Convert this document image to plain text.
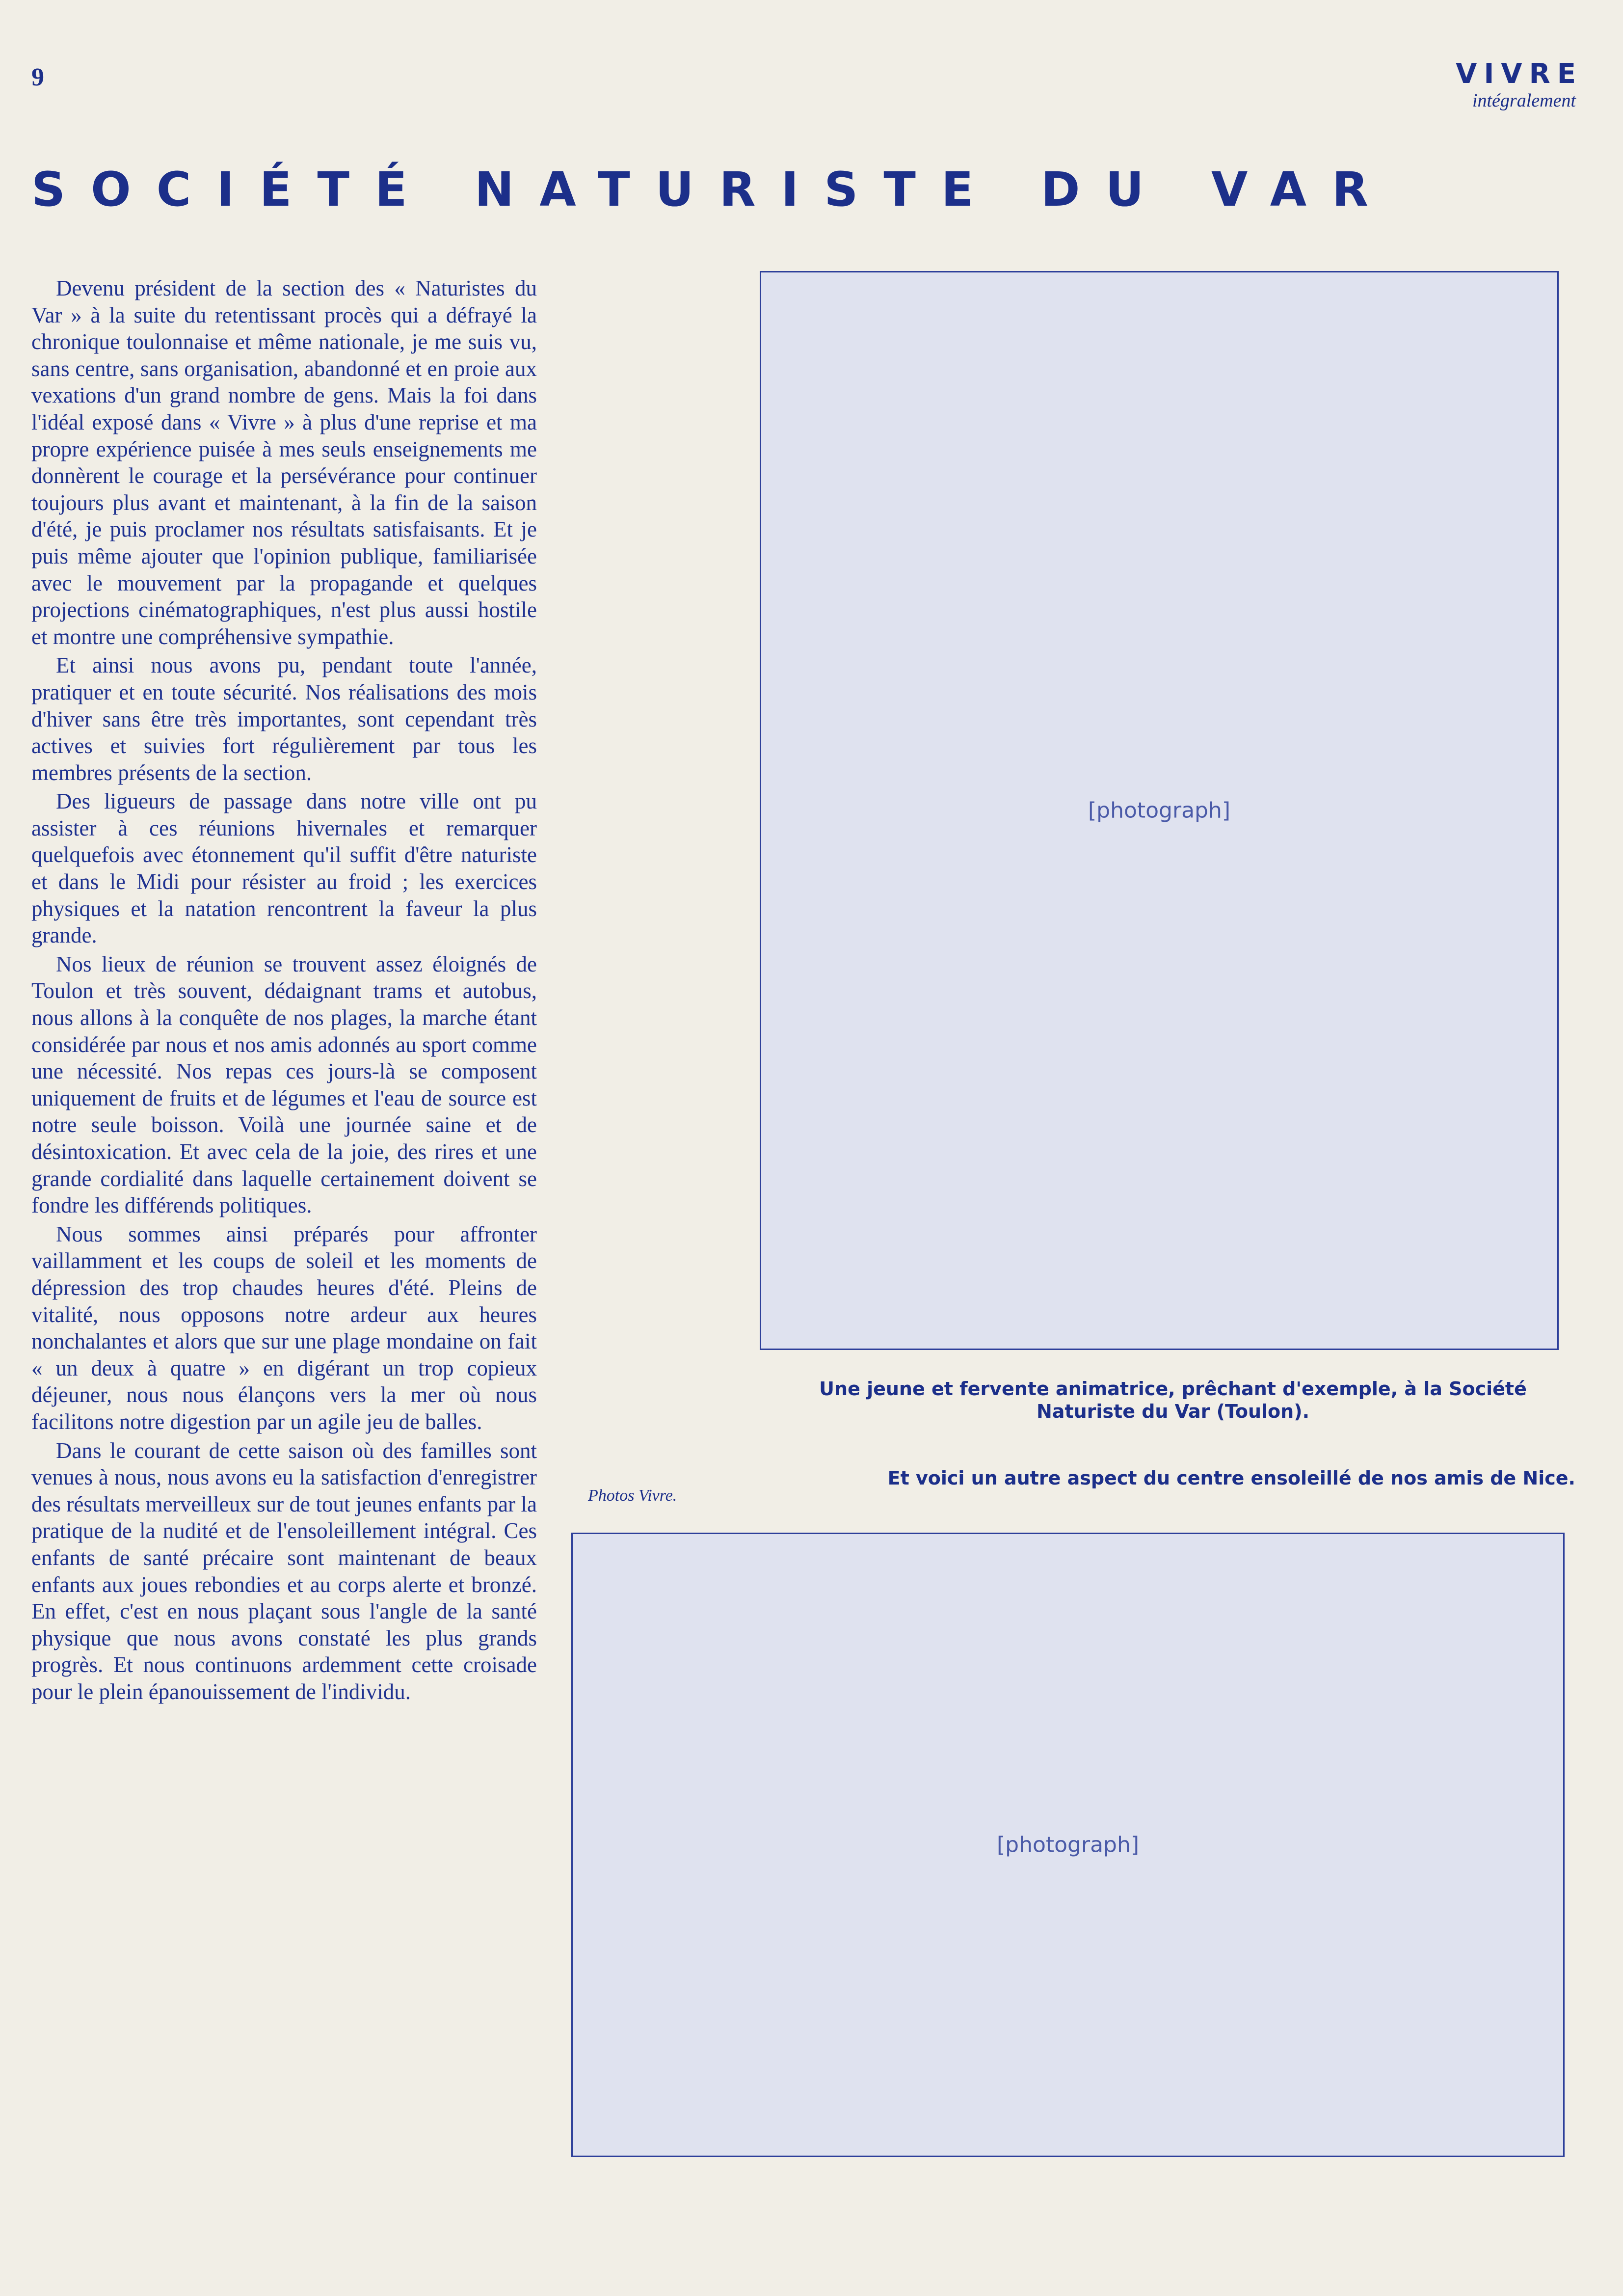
9	VIVRE
intégralement
SOCIÉTÉ NATURISTE DU VAR

Devenu président de la section des « Naturistes du Var » à la suite du retentissant procès qui a défrayé la chronique toulonnaise et même nationale, je me suis vu, sans centre, sans organisation, abandonné et en proie aux vexations d'un grand nombre de gens. Mais la foi dans l'idéal exposé dans « Vivre » à plus d'une reprise et ma propre expérience puisée à mes seuls enseignements me donnèrent le courage et la persévérance pour continuer toujours plus avant et maintenant, à la fin de la saison d'été, je puis proclamer nos résultats satisfaisants. Et je puis même ajouter que l'opinion publique, familiarisée avec le mouvement par la propagande et quelques projections cinématographiques, n'est plus aussi hostile et montre une compréhensive sympathie.

Et ainsi nous avons pu, pendant toute l'année, pratiquer et en toute sécurité. Nos réalisations des mois d'hiver sans être très importantes, sont cependant très actives et suivies fort régulièrement par tous les membres présents de la section.

Des ligueurs de passage dans notre ville ont pu assister à ces réunions hivernales et remarquer quelquefois avec étonnement qu'il suffit d'être naturiste et dans le Midi pour résister au froid ; les exercices physiques et la natation rencontrent la faveur la plus grande.

Nos lieux de réunion se trouvent assez éloignés de Toulon et très souvent, dédaignant trams et autobus, nous allons à la conquête de nos plages, la marche étant considérée par nous et nos amis adonnés au sport comme une nécessité. Nos repas ces jours-là se composent uniquement de fruits et de légumes et l'eau de source est notre seule boisson. Voilà une journée saine et de désintoxication. Et avec cela de la joie, des rires et une grande cordialité dans laquelle certainement doivent se fondre les différends politiques.

Nous sommes ainsi préparés pour affronter vaillamment et les coups de soleil et les moments de dépression des trop chaudes heures d'été. Pleins de vitalité, nous opposons notre ardeur aux heures nonchalantes et alors que sur une plage mondaine on fait « un deux à quatre » en digérant un trop copieux déjeuner, nous nous élançons vers la mer où nous facilitons notre digestion par un agile jeu de balles.

Dans le courant de cette saison où des familles sont venues à nous, nous avons eu la satisfaction d'enregistrer des résultats merveilleux sur de tout jeunes enfants par la pratique de la nudité et de l'ensoleillement intégral. Ces enfants de santé précaire sont maintenant de beaux enfants aux joues rebondies et au corps alerte et bronzé. En effet, c'est en nous plaçant sous l'angle de la santé physique que nous avons constaté les plus grands progrès. Et nous continuons ardemment cette croisade pour le plein épanouissement de l'individu.

[photograph]
Une jeune et fervente animatrice, prêchant d'exemple, à la Société Naturiste du Var (Toulon).
Photos Vivre.
Et voici un autre aspect du centre ensoleillé de nos amis de Nice.
[photograph]
